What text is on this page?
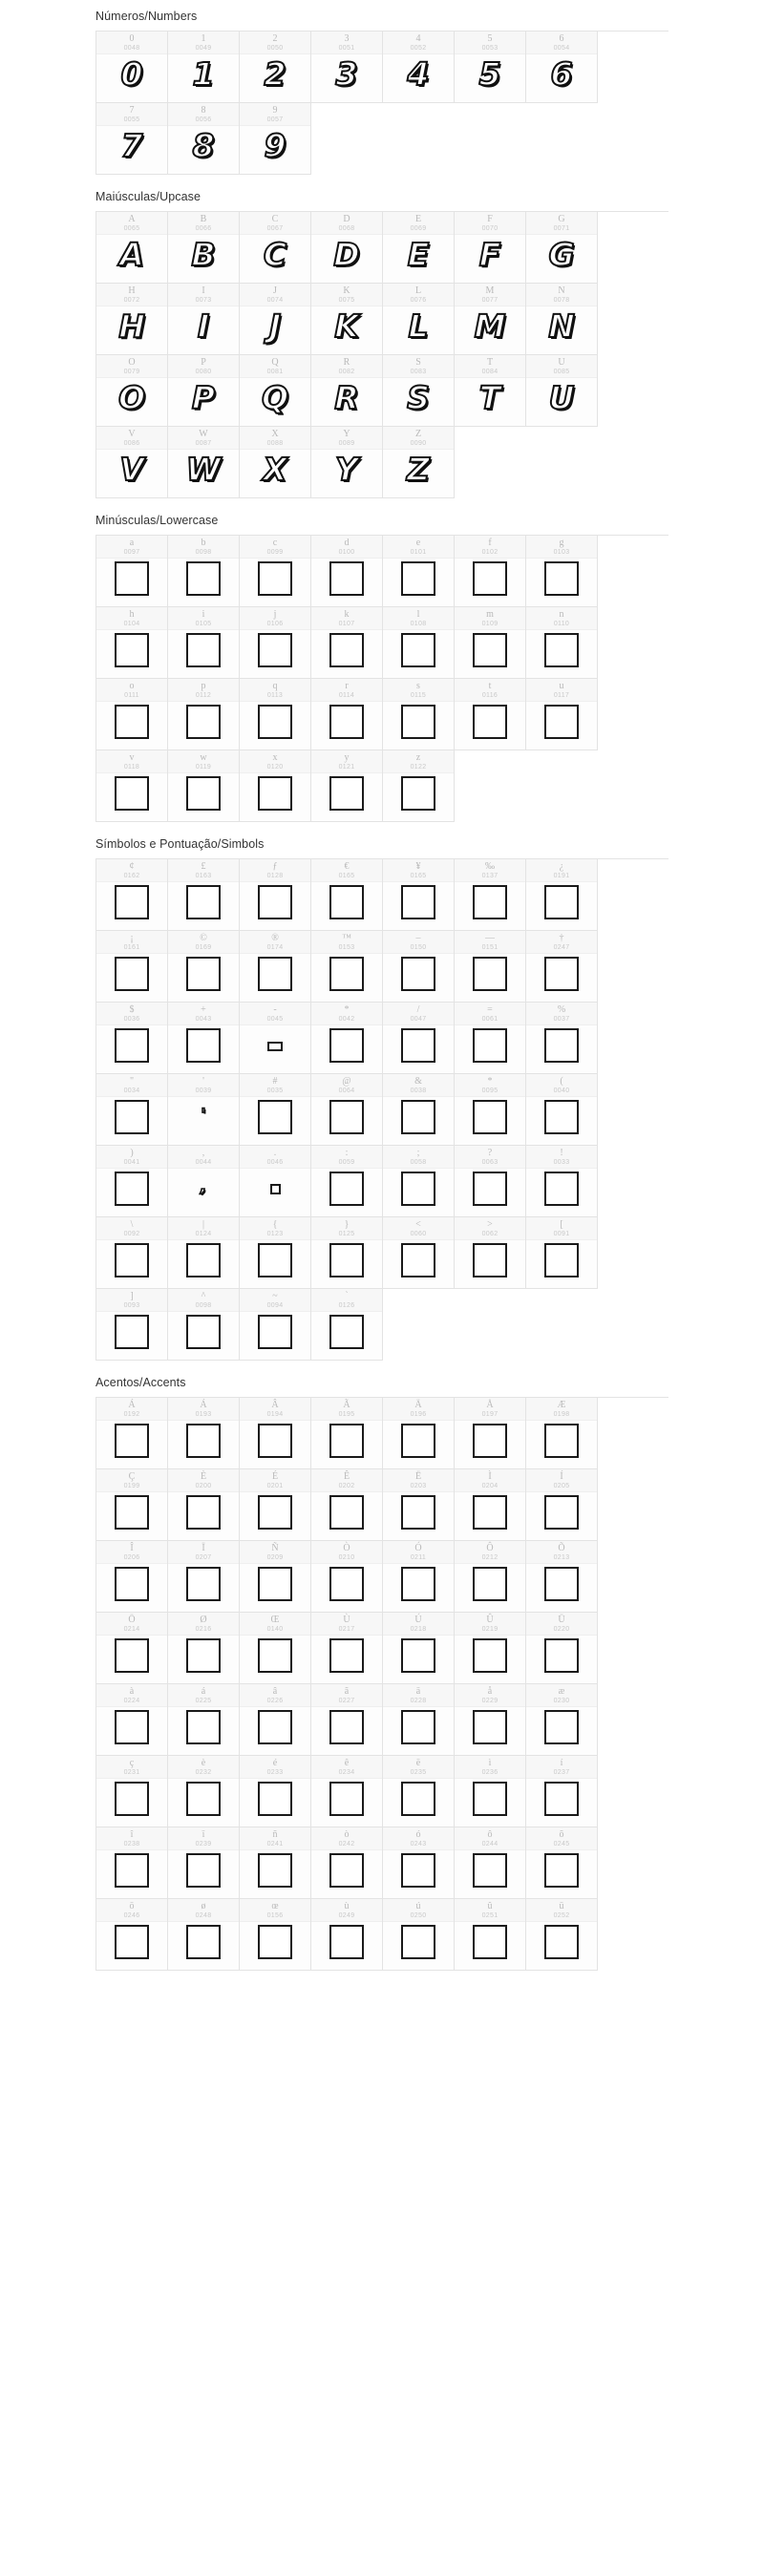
Números/Numbers
0
0048
0
1
0049
1
2
0050
2
3
0051
3
4
0052
4
5
0053
5
6
0054
6
7
0055
7
8
0056
8
9
0057
9
Maiúsculas/Upcase
A
0065
A
B
0066
B
C
0067
C
D
0068
D
E
0069
E
F
0070
F
G
0071
G
H
0072
H
I
0073
I
J
0074
J
K
0075
K
L
0076
L
M
0077
M
N
0078
N
O
0079
O
P
0080
P
Q
0081
Q
R
0082
R
S
0083
S
T
0084
T
U
0085
U
V
0086
V
W
0087
W
X
0088
X
Y
0089
Y
Z
0090
Z
Minúsculas/Lowercase
a
0097
b
0098
c
0099
d
0100
e
0101
f
0102
g
0103
h
0104
i
0105
j
0106
k
0107
l
0108
m
0109
n
0110
o
0111
p
0112
q
0113
r
0114
s
0115
t
0116
u
0117
v
0118
w
0119
x
0120
y
0121
z
0122
Símbolos e Pontuação/Simbols
¢
0162
£
0163
ƒ
0128
€
0165
¥
0165
‰
0137
¿
0191
¡
0161
©
0169
®
0174
™
0153
–
0150
—
0151
†
0247
$
0036
+
0043
-
0045
*
0042
/
0047
=
0061
%
0037
"
0034
'
0039
'
#
0035
@
0064
&
0038
*
0095
(
0040
)
0041
,
0044
,
.
0046
:
0059
;
0058
?
0063
!
0033
\
0092
|
0124
{
0123
}
0125
<
0060
>
0062
[
0091
]
0093
^
0098
~
0094
`
0126
Acentos/Accents
Á
0192
Á
0193
Â
0194
Ã
0195
Ä
0196
Å
0197
Æ
0198
Ç
0199
È
0200
É
0201
Ê
0202
Ë
0203
Ì
0204
Í
0205
Î
0206
Ï
0207
Ñ
0209
Ò
0210
Ó
0211
Ô
0212
Õ
0213
Ö
0214
Ø
0216
Œ
0140
Ù
0217
Ú
0218
Û
0219
Ü
0220
à
0224
á
0225
â
0226
ã
0227
ä
0228
å
0229
æ
0230
ç
0231
è
0232
é
0233
ê
0234
ë
0235
ì
0236
í
0237
î
0238
ï
0239
ñ
0241
ò
0242
ó
0243
ô
0244
õ
0245
ö
0246
ø
0248
œ
0156
ù
0249
ú
0250
û
0251
ü
0252
